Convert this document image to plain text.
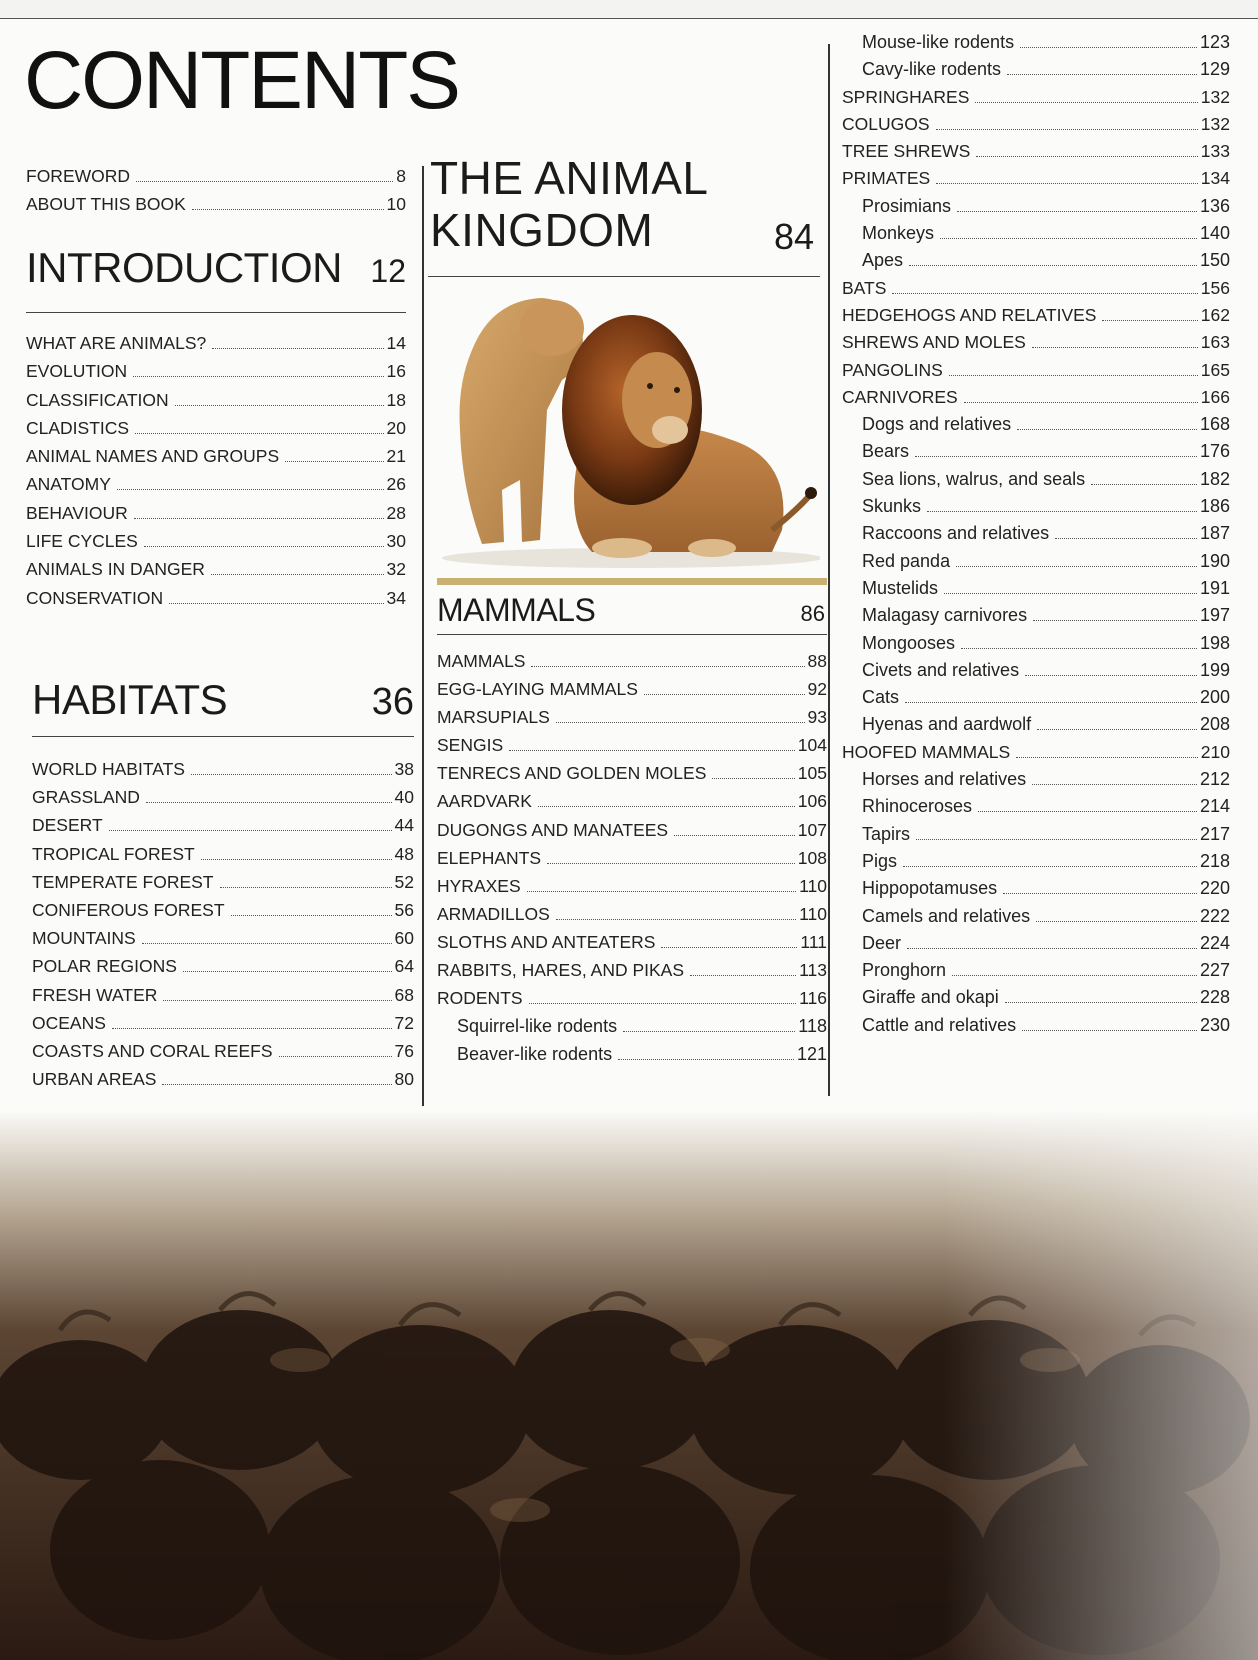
CONTENTS
FOREWORD	8
ABOUT THIS BOOK	10
INTRODUCTION 12
WHAT ARE ANIMALS?	14
EVOLUTION	16
CLASSIFICATION	18
CLADISTICS	20
ANIMAL NAMES AND GROUPS	21
ANATOMY	26
BEHAVIOUR	28
LIFE CYCLES	30
ANIMALS IN DANGER	32
CONSERVATION	34
HABITATS	36
WORLD HABITATS	38
GRASSLAND	40
DESERT	44
TROPICAL FOREST	48
TEMPERATE FOREST	52
CONIFEROUS FOREST	56
MOUNTAINS	60
POLAR REGIONS	64
FRESH WATER	68
OCEANS	72
COASTS AND CORAL REEFS	76
URBAN AREAS	80
THE ANIMAL
KINGDOM	84
MAMMALS	86
MAMMALS	88
EGG-LAYING MAMMALS	92
MARSUPIALS	93
SENGIS	104
TENRECS AND GOLDEN MOLES	105
AARDVARK	106
DUGONGS AND MANATEES	107
ELEPHANTS	108
HYRAXES	110
ARMADILLOS	110
SLOTHS AND ANTEATERS	111
RABBITS, HARES, AND PIKAS	113
RODENTS	116
Squirrel-like rodents	118
Beaver-like rodents	121
Mouse-like rodents	123
Cavy-like rodents	129
SPRINGHARES	132
COLUGOS	132
TREE SHREWS	133
PRIMATES	134
Prosimians	136
Monkeys	140
Apes	150
BATS	156
HEDGEHOGS AND RELATIVES	162
SHREWS AND MOLES	163
PANGOLINS	165
CARNIVORES	166
Dogs and relatives	168
Bears	176
Sea lions, walrus, and seals	182
Skunks	186
Raccoons and relatives	187
Red panda	190
Mustelids	191
Malagasy carnivores	197
Mongooses	198
Civets and relatives	199
Cats	200
Hyenas and aardwolf	208
HOOFED MAMMALS	210
Horses and relatives	212
Rhinoceroses	214
Tapirs	217
Pigs	218
Hippopotamuses	220
Camels and relatives	222
Deer	224
Pronghorn	227
Giraffe and okapi	228
Cattle and relatives	230
